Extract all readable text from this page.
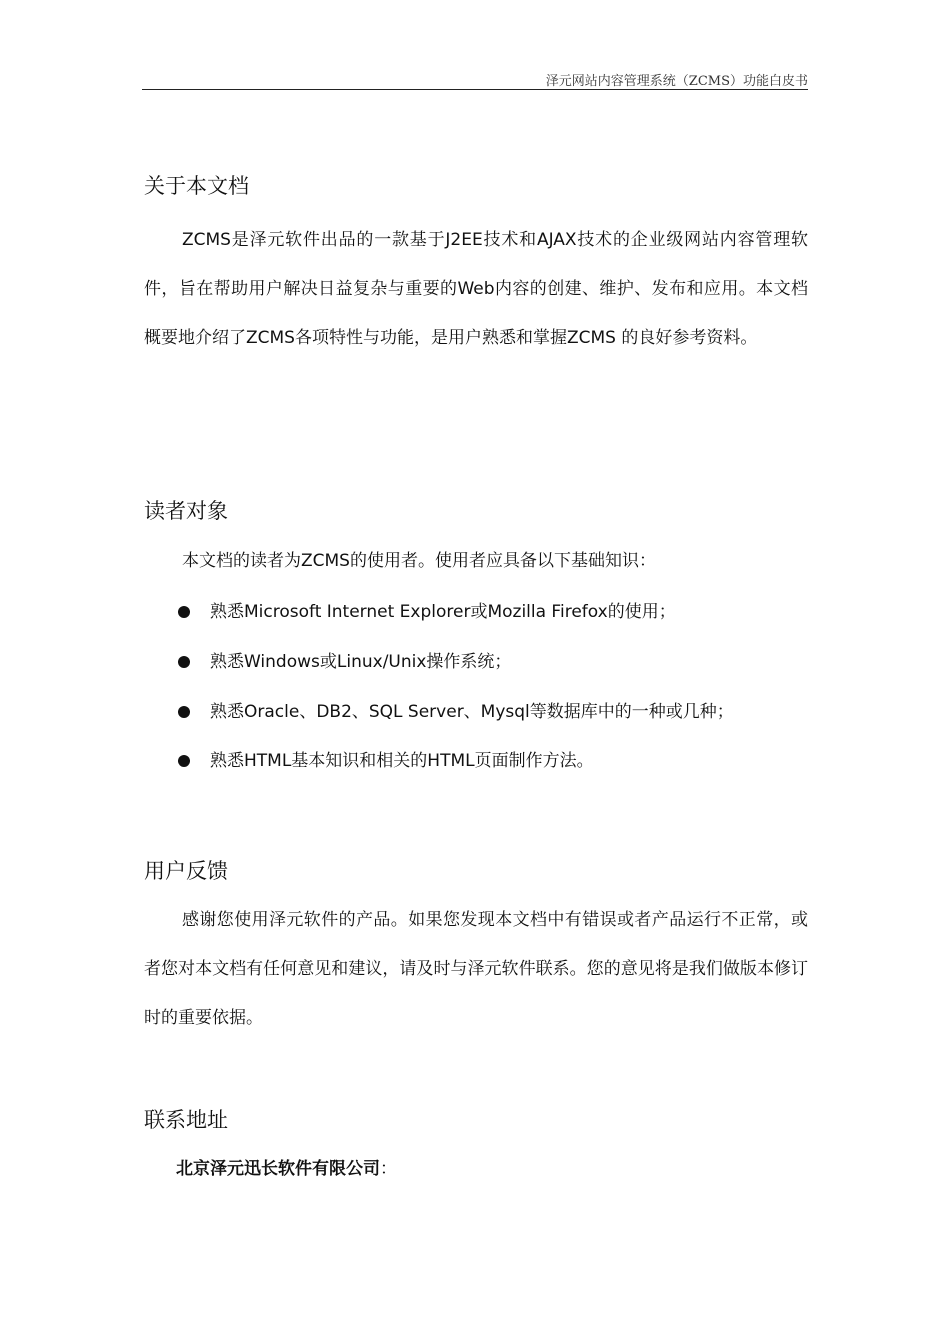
泽元网站内容管理系统（ZCMS）功能白皮书
关于本文档
ZCMS是泽元软件出品的一款基于J2EE技术和AJAX技术的企业级网站内容管理软件，旨在帮助用户解决日益复杂与重要的Web内容的创建、维护、发布和应用。本文档概要地介绍了ZCMS各项特性与功能，是用户熟悉和掌握ZCMS 的良好参考资料。
读者对象
本文档的读者为ZCMS的使用者。使用者应具备以下基础知识：
熟悉Microsoft Internet Explorer或Mozilla Firefox的使用；
熟悉Windows或Linux/Unix操作系统；
熟悉Oracle、DB2、SQL Server、Mysql等数据库中的一种或几种；
熟悉HTML基本知识和相关的HTML页面制作方法。
用户反馈
感谢您使用泽元软件的产品。如果您发现本文档中有错误或者产品运行不正常，或者您对本文档有任何意见和建议，请及时与泽元软件联系。您的意见将是我们做版本修订时的重要依据。
联系地址
北京泽元迅长软件有限公司：
